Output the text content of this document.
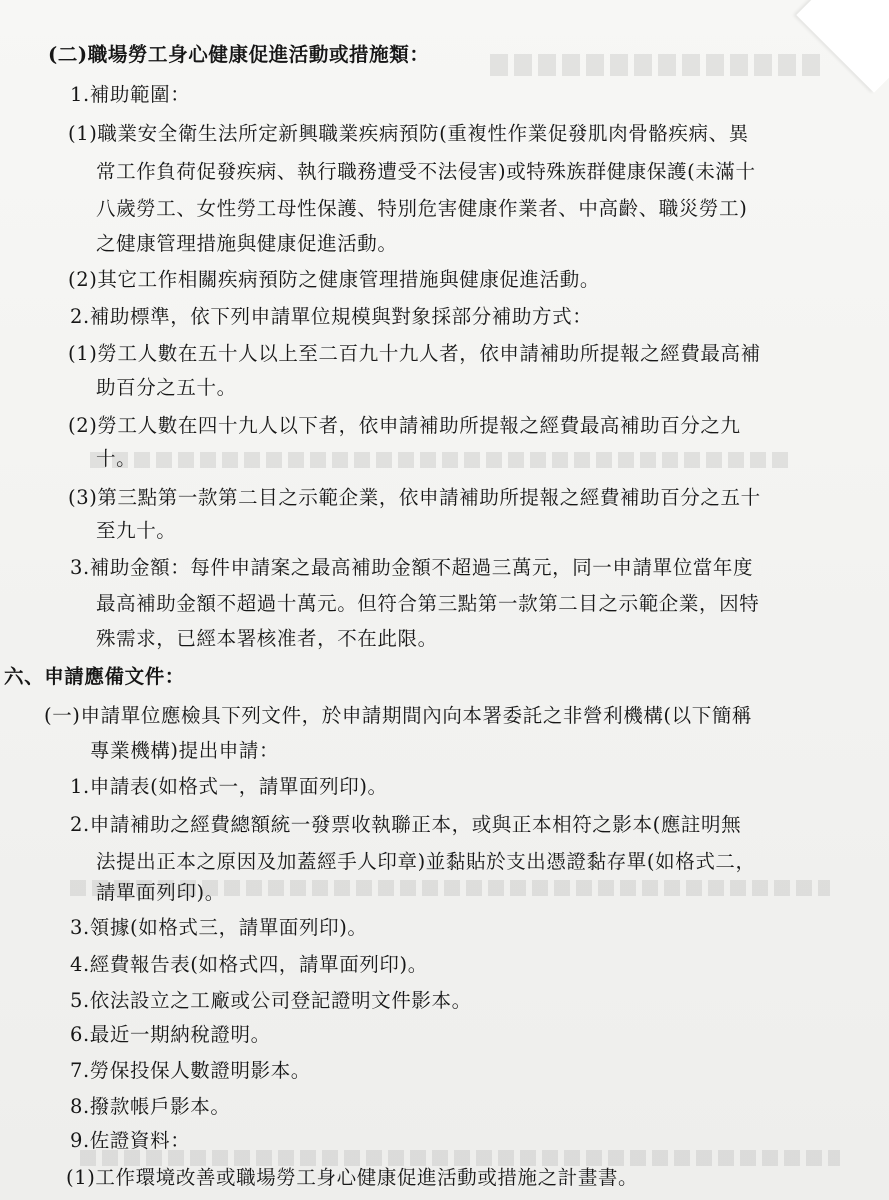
(二)職場勞工身心健康促進活動或措施類：
1.補助範圍：
(1)職業安全衛生法所定新興職業疾病預防(重複性作業促發肌肉骨骼疾病、異
常工作負荷促發疾病、執行職務遭受不法侵害)或特殊族群健康保護(未滿十
八歲勞工、女性勞工母性保護、特別危害健康作業者、中高齡、職災勞工)
之健康管理措施與健康促進活動。
(2)其它工作相關疾病預防之健康管理措施與健康促進活動。
2.補助標準，依下列申請單位規模與對象採部分補助方式：
(1)勞工人數在五十人以上至二百九十九人者，依申請補助所提報之經費最高補
助百分之五十。
(2)勞工人數在四十九人以下者，依申請補助所提報之經費最高補助百分之九
十。
(3)第三點第一款第二目之示範企業，依申請補助所提報之經費補助百分之五十
至九十。
3.補助金額：每件申請案之最高補助金額不超過三萬元，同一申請單位當年度
最高補助金額不超過十萬元。但符合第三點第一款第二目之示範企業，因特
殊需求，已經本署核准者，不在此限。
六、申請應備文件：
(一)申請單位應檢具下列文件，於申請期間內向本署委託之非營利機構(以下簡稱
專業機構)提出申請：
1.申請表(如格式一，請單面列印)。
2.申請補助之經費總額統一發票收執聯正本，或與正本相符之影本(應註明無
法提出正本之原因及加蓋經手人印章)並黏貼於支出憑證黏存單(如格式二，
請單面列印)。
3.領據(如格式三，請單面列印)。
4.經費報告表(如格式四，請單面列印)。
5.依法設立之工廠或公司登記證明文件影本。
6.最近一期納稅證明。
7.勞保投保人數證明影本。
8.撥款帳戶影本。
9.佐證資料：
(1)工作環境改善或職場勞工身心健康促進活動或措施之計畫書。
